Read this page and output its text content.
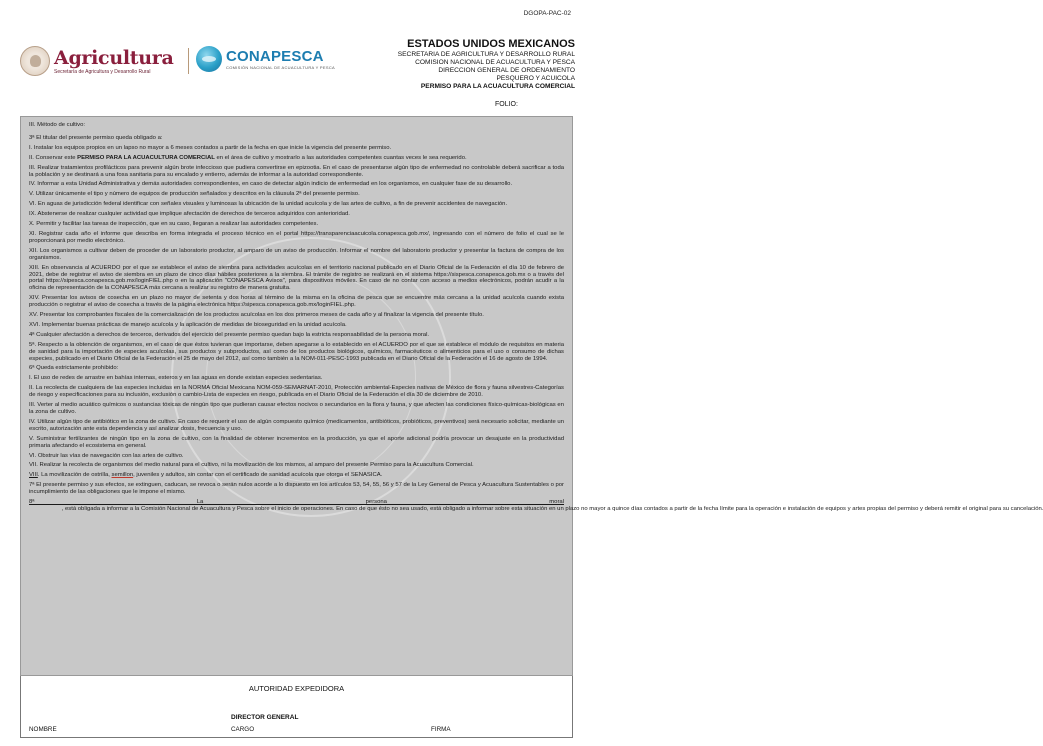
DGOPA-PAC-02
Agricultura
Secretaría de Agricultura y Desarrollo Rural
CONAPESCA
COMISIÓN NACIONAL DE ACUACULTURA Y PESCA
ESTADOS UNIDOS MEXICANOS
SECRETARIA DE AGRICULTURA Y DESARROLLO RURAL
COMISION NACIONAL DE ACUACULTURA Y PESCA
DIRECCION GENERAL DE ORDENAMIENTO
PESQUERO Y ACUICOLA
PERMISO PARA LA ACUACULTURA COMERCIAL
FOLIO:
III. Método de cultivo:
3ª El titular del presente permiso queda obligado a:
I. Instalar los equipos propios en un lapso no mayor a 6 meses contados a partir de la fecha en que inicie la vigencia del presente permiso.
II. Conservar este PERMISO PARA LA ACUACULTURA COMERCIAL en el área de cultivo y mostrarlo a las autoridades competentes cuantas veces le sea requerido.
III. Realizar tratamientos profilácticos para prevenir algún brote infeccioso que pudiera convertirse en epizootia. En el caso de presentarse algún tipo de enfermedad no controlable deberá sacrificar a toda la población y se destinará a una fosa sanitaria para su encalado y entierro, además de informar a la autoridad correspondiente.
IV. Informar a esta Unidad Administrativa y demás autoridades correspondientes, en caso de detectar algún indicio de enfermedad en los organismos, en cualquier fase de su desarrollo.
V. Utilizar únicamente el tipo y número de equipos de producción señalados y descritos en la cláusula 2ª del presente permiso.
VI. En aguas de jurisdicción federal identificar con señales visuales y luminosas la ubicación de la unidad acuícola y de las artes de cultivo, a fin de prevenir accidentes de navegación.
IX. Abstenerse de realizar cualquier actividad que implique afectación de derechos de terceros adquiridos con anterioridad.
X. Permitir y facilitar las tareas de inspección, que en su caso, llegaran a realizar las autoridades competentes.
XI. Registrar cada año el informe que describa en forma integrada el proceso técnico en el portal https://transparenciaacuicola.conapesca.gob.mx/, ingresando con el número de folio el cual se le proporcionará por medio electrónico.
XII. Los organismos a cultivar deben de proceder de un laboratorio productor, al amparo de un aviso de producción. Informar el nombre del laboratorio productor y presentar la factura de compra de los organismos.
XIII. En observancia al ACUERDO por el que se establece el aviso de siembra para actividades acuícolas en el territorio nacional publicado en el Diario Oficial de la Federación el día 10 de febrero de 2021, debe de registrar el aviso de siembra en un plazo de cinco días hábiles posteriores a la siembra. El trámite de registro se realizará en el sistema https://sispesca.conapesca.gob.mx o a través del portal https://sipesca.conapesca.gob.mx/loginFIEL.php o en la aplicación "CONAPESCA Avisos", para dispositivos móviles. En caso de no contar con acceso a medios electrónicos, podrán acudir a la oficina de representación de la CONAPESCA más cercana a realizar su registro de manera gratuita.
XIV. Presentar los avisos de cosecha en un plazo no mayor de setenta y dos horas al término de la misma en la oficina de pesca que se encuentre más cercana a la unidad acuícola cuando exista producción o registrar el aviso de cosecha a través de la página electrónica https://sipesca.conapesca.gob.mx/loginFIEL.php.
XV. Presentar los comprobantes fiscales de la comercialización de los productos acuícolas en los dos primeros meses de cada año y al finalizar la vigencia del presente título.
XVI. Implementar buenas prácticas de manejo acuícola y la aplicación de medidas de bioseguridad en la unidad acuícola.
4ª Cualquier afectación a derechos de terceros, derivados del ejercicio del presente permiso quedan bajo la estricta responsabilidad de la persona moral.
5ª. Respecto a la obtención de organismos, en el caso de que éstos tuvieran que importarse, deben apegarse a lo establecido en el ACUERDO por el que se establece el módulo de requisitos en materia de sanidad para la importación de especies acuícolas, sus productos y subproductos, así como de los productos biológicos, químicos, farmacéuticos o alimenticios para el uso o consumo de dichas especies, publicado en el Diario Oficial de la Federación el 25 de mayo del 2012, así como también a la NOM-011-PESC-1993 publicada en el Diario Oficial de la Federación el 16 de agosto de 1994.
6ª Queda estrictamente prohibido:
I. El uso de redes de arrastre en bahías internas, esteros y en las aguas en donde existan especies sedentarias.
II. La recolecta de cualquiera de las especies incluidas en la NORMA Oficial Mexicana NOM-059-SEMARNAT-2010, Protección ambiental-Especies nativas de México de flora y fauna silvestres-Categorías de riesgo y especificaciones para su inclusión, exclusión o cambio-Lista de especies en riesgo, publicada en el Diario Oficial de la Federación el día 30 de diciembre de 2010.
III. Verter al medio acuático químicos o sustancias tóxicas de ningún tipo que pudieran causar efectos nocivos o secundarios en la flora y fauna, y que afecten las condiciones físico-químicas-biológicas en la zona de cultivo.
IV. Utilizar algún tipo de antibiótico en la zona de cultivo. En caso de requerir el uso de algún compuesto químico (medicamentos, antibióticos, probióticos, preventivos) será necesario solicitar, mediante un escrito, autorización ante esta dependencia y así analizar dosis, frecuencia y uso.
V. Suministrar fertilizantes de ningún tipo en la zona de cultivo, con la finalidad de obtener incrementos en la producción, ya que el aporte adicional podría provocar un desajuste en la productividad primaria afectando el ecosistema en general.
VI. Obstruir las vías de navegación con las artes de cultivo.
VII. Realizar la recolecta de organismos del medio natural para el cultivo, ni la movilización de los mismos, al amparo del presente Permiso para la Acuacultura Comercial.
VIII. La movilización de ostrilla, semillon, juveniles y adultos, sin contar con el certificado de sanidad acuícola que otorga el SENASICA.
7ª El presente permiso y sus efectos, se extinguen, caducan, se revoca o serán nulos acorde a lo dispuesto en los artículos 53, 54, 55, 56 y 57 de la Ley General de Pesca y Acuacultura Sustentables o por incumplimiento de las obligaciones que le impone el mismo.
8ª La persona moral                    , está obligada a informar a la Comisión Nacional de Acuacultura y Pesca sobre el inicio de operaciones. En caso de que ésto no sea usado, está obligado a informar sobre esta situación en un plazo no mayor a quince días contados a partir de la fecha límite para la operación e instalación de equipos y artes propias del permiso y deberá remitir el original para su cancelación.
AUTORIDAD EXPEDIDORA
DIRECTOR GENERAL
NOMBRE	CARGO	FIRMA
